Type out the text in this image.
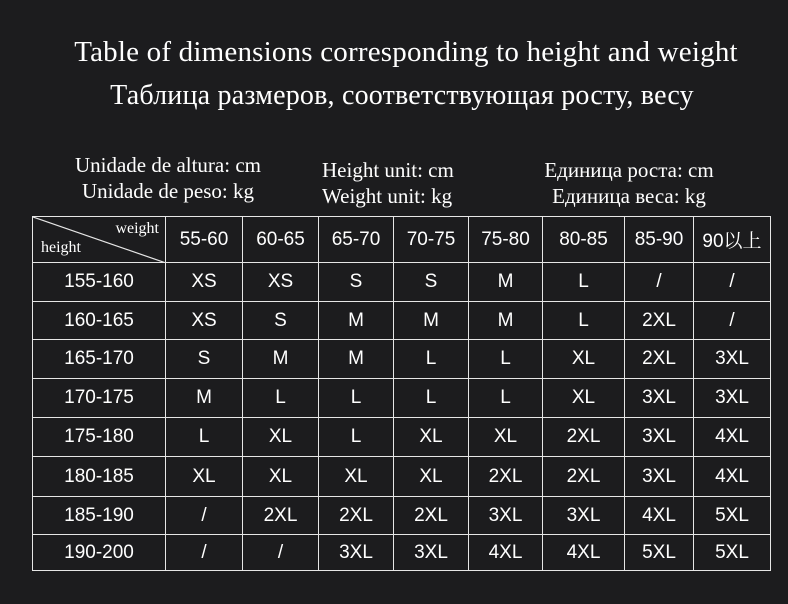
Table of dimensions corresponding to height and weight
Таблица размеров, соответствующая росту, весу
Unidade de altura: cm
Unidade de peso: kg
Height unit: cm
Weight unit: kg
Единица роста: cm
Единица веса: kg
weight
height	55-60	60-65	65-70	70-75	75-80	80-85	85-90	90以上
155-160	XS	XS	S	S	M	L	/	/
160-165	XS	S	M	M	M	L	2XL	/
165-170	S	M	M	L	L	XL	2XL	3XL
170-175	M	L	L	L	L	XL	3XL	3XL
175-180	L	XL	L	XL	XL	2XL	3XL	4XL
180-185	XL	XL	XL	XL	2XL	2XL	3XL	4XL
185-190	/	2XL	2XL	2XL	3XL	3XL	4XL	5XL
190-200	/	/	3XL	3XL	4XL	4XL	5XL	5XL
